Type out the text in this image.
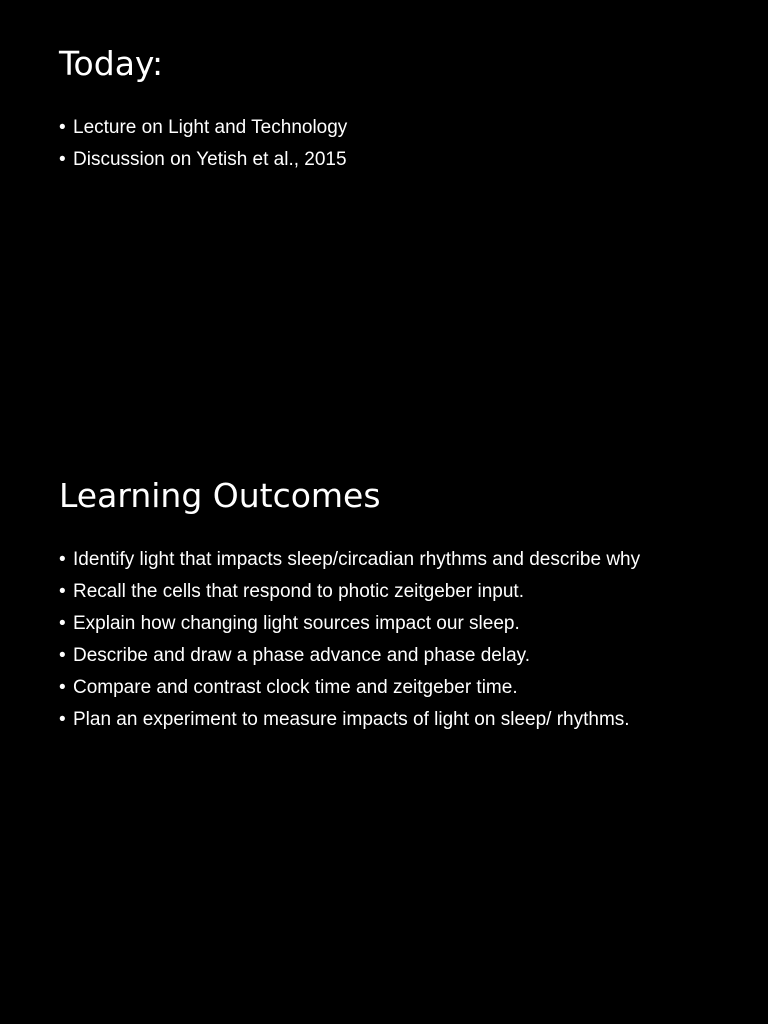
Today:
• Lecture on Light and Technology
• Discussion on Yetish et al., 2015
Learning Outcomes
• Identify light that impacts sleep/circadian rhythms and describe why
• Recall the cells that respond to photic zeitgeber input.
• Explain how changing light sources impact our sleep.
• Describe and draw a phase advance and phase delay.
• Compare and contrast clock time and zeitgeber time.
• Plan an experiment to measure impacts of light on sleep/ rhythms.
